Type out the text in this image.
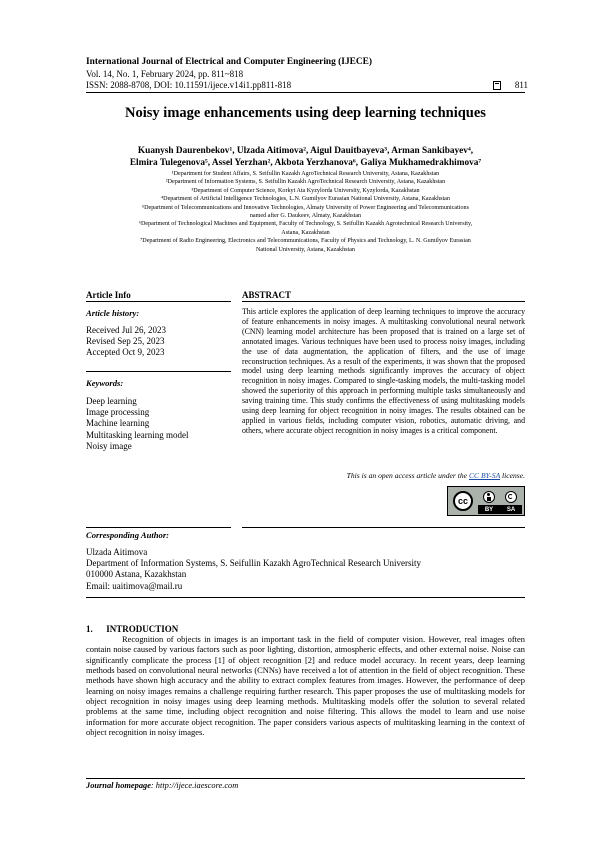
International Journal of Electrical and Computer Engineering (IJECE)
Vol. 14, No. 1, February 2024, pp. 811~818
ISSN: 2088-8708, DOI: 10.11591/ijece.v14i1.pp811-818	811
Noisy image enhancements using deep learning techniques
Kuanysh Daurenbekov¹, Ulzada Aitimova², Aigul Dauitbayeva³, Arman Sankibayev⁴,
Elmira Tulegenova⁵, Assel Yerzhan², Akbota Yerzhanova⁶, Galiya Mukhamedrakhimova⁷
¹Department for Student Affairs, S. Seifullin Kazakh AgroTechnical Research University, Astana, Kazakhstan
²Department of Information Systems, S. Seifullin Kazakh AgroTechnical Research University, Astana, Kazakhstan
³Department of Computer Science, Korkyt Ata Kyzylorda University, Kyzylorda, Kazakhstan
⁴Department of Artificial Intelligence Technologies, L.N. Gumilyov Eurasian National University, Astana, Kazakhstan
⁵Department of Telecommunications and Innovative Technologies, Almaty University of Power Engineering and Telecommunications
named after G. Daukeev, Almaty, Kazakhstan
⁶Department of Technological Machines and Equipment, Faculty of Technology, S. Seifullin Kazakh Agrotechnical Research University,
Astana, Kazakhstan
⁷Department of Radio Engineering, Electronics and Telecommunications, Faculty of Physics and Technology, L. N. Gumilyov Eurasian
National University, Astana, Kazakhstan
Article Info
Article history:
Received Jul 26, 2023
Revised Sep 25, 2023
Accepted Oct 9, 2023
Keywords:
Deep learning
Image processing
Machine learning
Multitasking learning model
Noisy image
ABSTRACT
This article explores the application of deep learning techniques to improve the accuracy of feature enhancements in noisy images. A multitasking convolutional neural network (CNN) learning model architecture has been proposed that is trained on a large set of annotated images. Various techniques have been used to process noisy images, including the use of data augmentation, the application of filters, and the use of image reconstruction techniques. As a result of the experiments, it was shown that the proposed model using deep learning methods significantly improves the accuracy of object recognition in noisy images. Compared to single-tasking models, the multi-tasking model showed the superiority of this approach in performing multiple tasks simultaneously and saving training time. This study confirms the effectiveness of using multitasking models using deep learning for object recognition in noisy images. The results obtained can be applied in various fields, including computer vision, robotics, automatic driving, and others, where accurate object recognition in noisy images is a critical component.
This is an open access article under the CC BY-SA license.
cc
BY SA
Corresponding Author:
Ulzada Aitimova
Department of Information Systems, S. Seifullin Kazakh AgroTechnical Research University
010000 Astana, Kazakhstan
Email: uaitimova@mail.ru
1.      INTRODUCTION
Recognition of objects in images is an important task in the field of computer vision. However, real images often contain noise caused by various factors such as poor lighting, distortion, atmospheric effects, and other external noise. Noise can significantly complicate the process [1] of object recognition [2] and reduce model accuracy. In recent years, deep learning methods based on convolutional neural networks (CNNs) have received a lot of attention in the field of object recognition. These methods have shown high accuracy and the ability to extract complex features from images. However, the performance of deep learning on noisy images remains a challenge requiring further research. This paper proposes the use of multitasking models for object recognition in noisy images using deep learning methods. Multitasking models offer the solution to several related problems at the same time, including object recognition and noise filtering. This allows the model to learn and use noise information for more accurate object recognition. The paper considers various aspects of multitasking learning in the context of object recognition in noisy images.
Journal homepage: http://ijece.iaescore.com
